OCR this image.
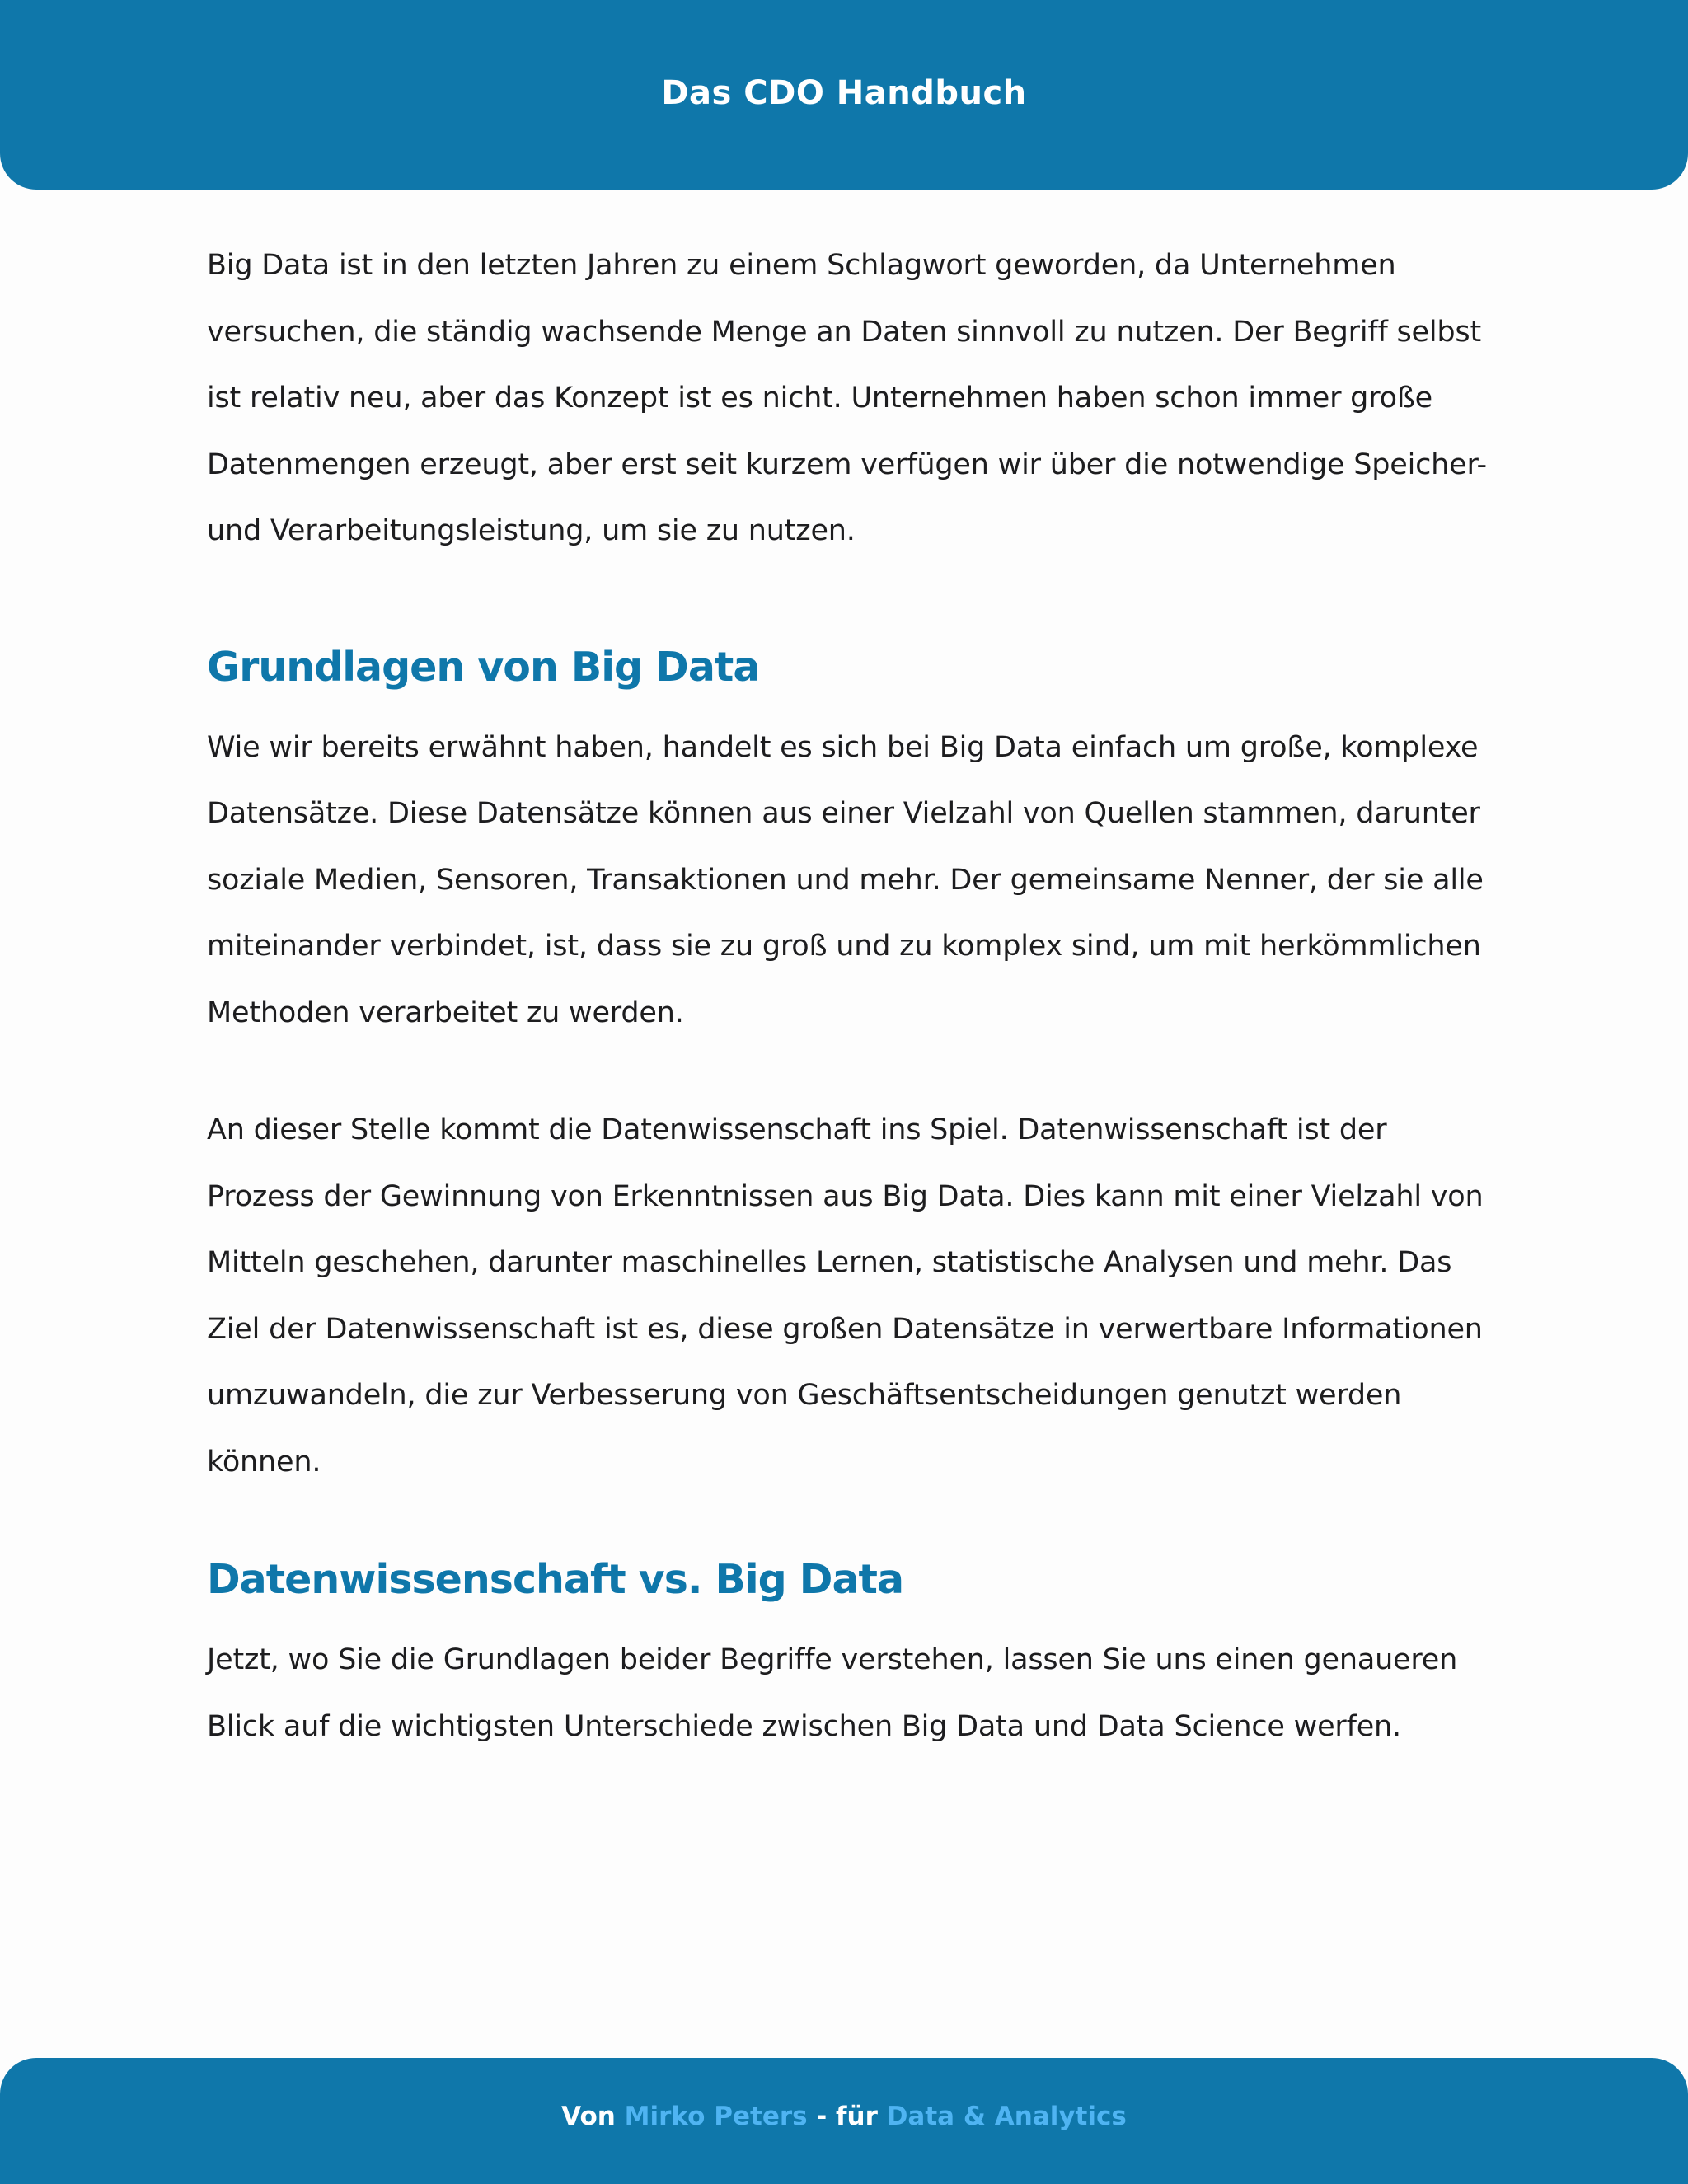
Das CDO Handbuch

Big Data ist in den letzten Jahren zu einem Schlagwort geworden, da Unternehmen versuchen, die ständig wachsende Menge an Daten sinnvoll zu nutzen. Der Begriff selbst ist relativ neu, aber das Konzept ist es nicht. Unternehmen haben schon immer große Datenmengen erzeugt, aber erst seit kurzem verfügen wir über die notwendige Speicher- und Verarbeitungsleistung, um sie zu nutzen.

Grundlagen von Big Data

Wie wir bereits erwähnt haben, handelt es sich bei Big Data einfach um große, komplexe Datensätze. Diese Datensätze können aus einer Vielzahl von Quellen stammen, darunter soziale Medien, Sensoren, Transaktionen und mehr. Der gemeinsame Nenner, der sie alle miteinander verbindet, ist, dass sie zu groß und zu komplex sind, um mit herkömmlichen Methoden verarbeitet zu werden.

An dieser Stelle kommt die Datenwissenschaft ins Spiel. Datenwissenschaft ist der Prozess der Gewinnung von Erkenntnissen aus Big Data. Dies kann mit einer Vielzahl von Mitteln geschehen, darunter maschinelles Lernen, statistische Analysen und mehr. Das Ziel der Datenwissenschaft ist es, diese großen Datensätze in verwertbare Informationen umzuwandeln, die zur Verbesserung von Geschäftsentscheidungen genutzt werden können.

Datenwissenschaft vs. Big Data

Jetzt, wo Sie die Grundlagen beider Begriffe verstehen, lassen Sie uns einen genaueren Blick auf die wichtigsten Unterschiede zwischen Big Data und Data Science werfen.

Von Mirko Peters - für Data & Analytics
